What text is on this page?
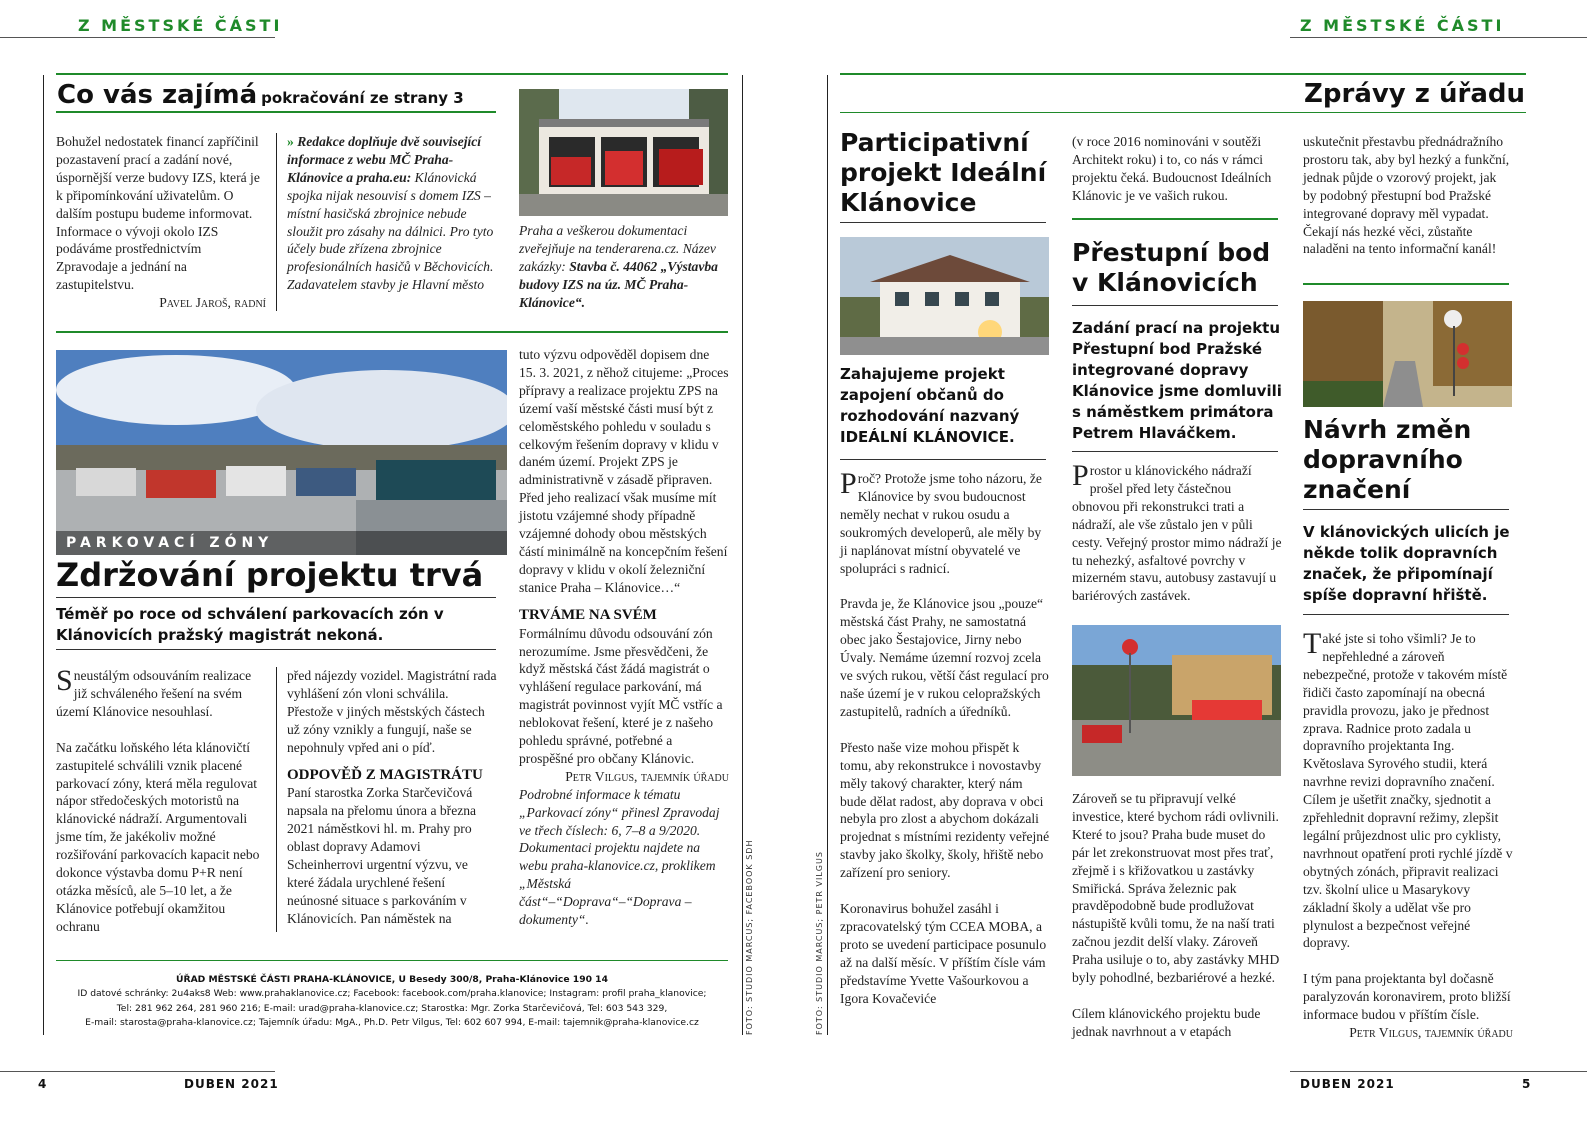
Z MĚSTSKÉ ČÁSTI	Z MĚSTSKÉ ČÁSTI
Co vás zajímá pokračování ze strany 3

Bohužel nedostatek financí zapříčinil pozastavení prací a zadání nové, úspornější verze budovy IZS, která je k připomínkování uživatelům. O dalším postupu budeme informovat. Informace o vývoji okolo IZS podáváme prostřednictvím Zpravodaje a jednání na zastupitelstvu.

Pavel Jaroš, radní

» Redakce doplňuje dvě související informace z webu MČ Praha-Klánovice a praha.eu: Klánovická spojka nijak nesouvisí s domem IZS – místní hasičská zbrojnice nebude sloužit pro zásahy na dálnici. Pro tyto účely bude zřízena zbrojnice profesionálních hasičů v Běchovicích. Zadavatelem stavby je Hlavní město
Praha a veškerou dokumentaci zveřejňuje na tenderarena.cz. Název zakázky: Stavba č. 44062 „Výstavba budovy IZS na úz. MČ Praha-Klánovice“.
PARKOVACÍ ZÓNY
Zdržování projektu trvá
Téměř po roce od schválení parkovacích zón v Klánovicích pražský magistrát nekoná.

Sneustálým odsouváním realizace již schváleného řešení na svém území Klánovice nesouhlasí.

Na začátku loňského léta klánovičtí zastupitelé schválili vznik placené parkovací zóny, která měla regulovat nápor středočeských motoristů na klánovické nádraží. Argumentovali jsme tím, že jakékoliv možné rozšiřování parkovacích kapacit nebo dokonce výstavba domu P+R není otázka měsíců, ale 5–10 let, a že Klánovice potřebují okamžitou ochranu

před nájezdy vozidel. Magistrátní rada vyhlášení zón vloni schválila. Přestože v jiných městských částech už zóny vznikly a fungují, naše se nepohnuly vpřed ani o píď.

ODPOVĚĎ Z MAGISTRÁTU

Paní starostka Zorka Starčevičová napsala na přelomu února a března 2021 náměstkovi hl. m. Prahy pro oblast dopravy Adamovi Scheinherrovi urgentní výzvu, ve které žádala urychlené řešení neúnosné situace s parkováním v Klánovicích. Pan náměstek na

tuto výzvu odpověděl dopisem dne 15. 3. 2021, z něhož citujeme: „Proces přípravy a realizace projektu ZPS na území vaší městské části musí být z celoměstského pohledu v souladu s celkovým řešením dopravy v klidu v daném území. Projekt ZPS je administrativně v zásadě připraven. Před jeho realizací však musíme mít jistotu vzájemné shody případně vzájemné dohody obou městských částí minimálně na koncepčním řešení dopravy v klidu v okolí železniční stanice Praha – Klánovice…“

TRVÁME NA SVÉM

Formálnímu důvodu odsouvání zón nerozumíme. Jsme přesvědčeni, že když městská část žádá magistrát o vyhlášení regulace parkování, má magistrát povinnost vyjít MČ vstříc a neblokovat řešení, které je z našeho pohledu správné, potřebné a prospěšné pro občany Klánovic.

Petr Vilgus, tajemník úřadu

Podrobné informace k tématu „Parkovací zóny“ přinesl Zpravodaj ve třech číslech: 6, 7–8 a 9/2020. Dokumentaci projektu najdete na webu praha-klanovice.cz, proklikem „Městská část“–“Doprava“–“Doprava – dokumenty“.	FOTO: STUDIO MARCUS; FACEBOOK SDH
ÚŘAD MĚSTSKÉ ČÁSTI PRAHA-KLÁNOVICE, U Besedy 300/8, Praha-Klánovice 190 14
ID datové schránky: 2u4aks8 Web: www.prahaklanovice.cz; Facebook: facebook.com/praha.klanovice; Instagram: profil praha_klanovice;
Tel: 281 962 264, 281 960 216; E-mail: urad@praha-klanovice.cz; Starostka: Mgr. Zorka Starčevičová, Tel: 603 543 329,
E-mail: starosta@praha-klanovice.cz; Tajemník úřadu: MgA., Ph.D. Petr Vilgus, Tel: 602 607 994, E-mail: tajemnik@praha-klanovice.cz	FOTO: STUDIO MARCUS; PETR VILGUS
Zprávy z úřadu
Participativní projekt Ideální Klánovice
Zahajujeme projekt zapojení občanů do rozhodování nazvaný IDEÁLNÍ KLÁNOVICE.

Proč? Protože jsme toho názoru, že Klánovice by svou budoucnost neměly nechat v rukou osudu a soukromých developerů, ale měly by ji naplánovat místní obyvatelé ve spolupráci s radnicí.

Pravda je, že Klánovice jsou „pouze“ městská část Prahy, ne samostatná obec jako Šestajovice, Jirny nebo Úvaly. Nemáme územní rozvoj zcela ve svých rukou, větší část regulací pro naše území je v rukou celopražských zastupitelů, radních a úředníků.

Přesto naše vize mohou přispět k tomu, aby rekonstrukce i novostavby měly takový charakter, který nám bude dělat radost, aby doprava v obci nebyla pro zlost a abychom dokázali projednat s místními rezidenty veřejné stavby jako školky, školy, hřiště nebo zařízení pro seniory.

Koronavirus bohužel zasáhl i zpracovatelský tým CCEA MOBA, a proto se uvedení participace posunulo až na další měsíc. V příštím čísle vám představíme Yvette Vašourkovou a Igora Kovačeviće

(v roce 2016 nominováni v soutěži Architekt roku) i to, co nás v rámci projektu čeká. Budoucnost Ideálních Klánovic je ve vašich rukou.
Přestupní bod v Klánovicích
Zadání prací na projektu Přestupní bod Pražské integrované dopravy Klánovice jsme domluvili s náměstkem primátora Petrem Hlaváčkem.

Prostor u klánovického nádraží prošel před lety částečnou obnovou při rekonstrukci trati a nádraží, ale vše zůstalo jen v půli cesty. Veřejný prostor mimo nádraží je tu nehezký, asfaltové povrchy v mizerném stavu, autobusy zastavují u bariérových zastávek.

Zároveň se tu připravují velké investice, které bychom rádi ovlivnili. Které to jsou? Praha bude muset do pár let zrekonstruovat most přes trať, zřejmě i s křižovatkou u zastávky Smiřická. Správa železnic pak pravděpodobně bude prodlužovat nástupiště kvůli tomu, že na naší trati začnou jezdit delší vlaky. Zároveň Praha usiluje o to, aby zastávky MHD byly pohodlné, bezbariérové a hezké.

Cílem klánovického projektu bude jednak navrhnout a v etapách

uskutečnit přestavbu přednádražního prostoru tak, aby byl hezký a funkční, jednak půjde o vzorový projekt, jak by podobný přestupní bod Pražské integrované dopravy měl vypadat. Čekají nás hezké věci, zůstaňte naladěni na tento informační kanál!
Návrh změn dopravního značení
V klánovických ulicích je někde tolik dopravních značek, že připomínají spíše dopravní hřiště.

Také jste si toho všimli? Je to nepřehledné a zároveň nebezpečné, protože v takovém místě řidiči často zapomínají na obecná pravidla provozu, jako je přednost zprava. Radnice proto zadala u dopravního projektanta Ing. Květoslava Syrového studii, která navrhne revizi dopravního značení. Cílem je ušetřit značky, sjednotit a zpřehlednit dopravní režimy, zlepšit legální průjezdnost ulic pro cyklisty, navrhnout opatření proti rychlé jízdě v obytných zónách, připravit realizaci tzv. školní ulice u Masarykovy základní školy a udělat vše pro plynulost a bezpečnost veřejné dopravy.

I tým pana projektanta byl dočasně paralyzován koronavirem, proto bližší informace budou v příštím čísle.

Petr Vilgus, tajemník úřadu

4	DUBEN 2021	DUBEN 2021	5
